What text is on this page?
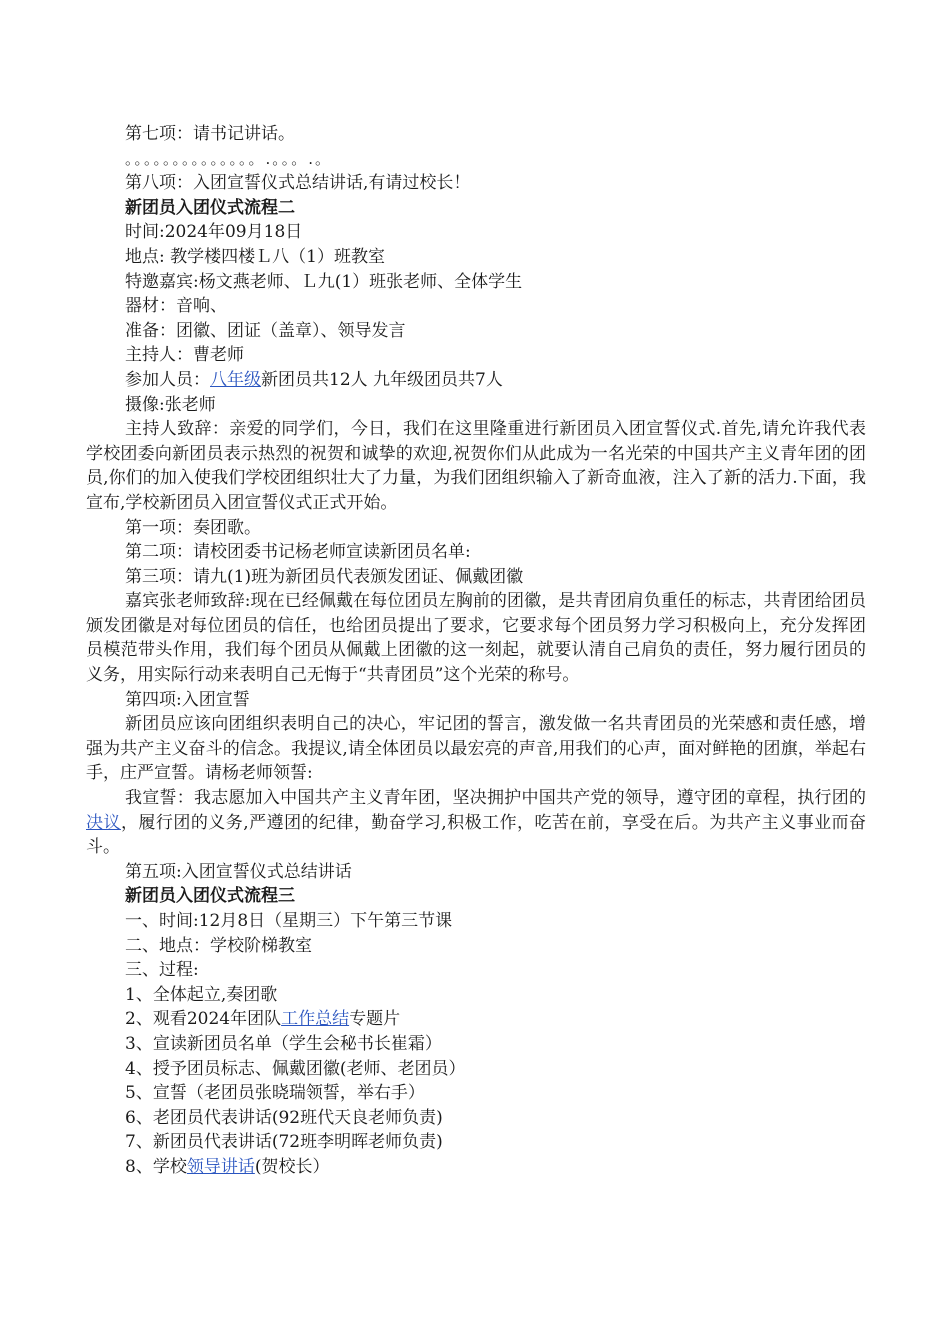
第七项：请书记讲话。
。。。。。。。。。。。。。。.。。。.。
第八项：入团宣誓仪式总结讲话,有请过校长！
新团员入团仪式流程二
时间:2024年09月18日
地点: 教学楼四楼Ｌ八（1）班教室
特邀嘉宾:杨文燕老师、Ｌ九(1）班张老师、全体学生
器材：音响、
准备：团徽、团证（盖章）、领导发言
主持人：曹老师
参加人员：八年级新团员共12人 九年级团员共7人
摄像:张老师
主持人致辞：亲爱的同学们，今日，我们在这里隆重进行新团员入团宣誓仪式.首先,请允许我代表学校团委向新团员表示热烈的祝贺和诚挚的欢迎,祝贺你们从此成为一名光荣的中国共产主义青年团的团员,你们的加入使我们学校团组织壮大了力量，为我们团组织输入了新奇血液，注入了新的活力.下面，我宣布,学校新团员入团宣誓仪式正式开始。
第一项：奏团歌。
第二项：请校团委书记杨老师宣读新团员名单:
第三项：请九(1)班为新团员代表颁发团证、佩戴团徽
嘉宾张老师致辞:现在已经佩戴在每位团员左胸前的团徽，是共青团肩负重任的标志，共青团给团员颁发团徽是对每位团员的信任，也给团员提出了要求，它要求每个团员努力学习积极向上，充分发挥团员模范带头作用，我们每个团员从佩戴上团徽的这一刻起，就要认清自己肩负的责任，努力履行团员的义务，用实际行动来表明自己无悔于“共青团员”这个光荣的称号。
第四项:入团宣誓
新团员应该向团组织表明自己的决心，牢记团的誓言，激发做一名共青团员的光荣感和责任感，增强为共产主义奋斗的信念。我提议,请全体团员以最宏亮的声音,用我们的心声，面对鲜艳的团旗，举起右手，庄严宣誓。请杨老师领誓:
我宣誓：我志愿加入中国共产主义青年团，坚决拥护中国共产党的领导，遵守团的章程，执行团的决议，履行团的义务,严遵团的纪律，勤奋学习,积极工作，吃苦在前，享受在后。为共产主义事业而奋斗。
第五项:入团宣誓仪式总结讲话
新团员入团仪式流程三
一、时间:12月8日（星期三）下午第三节课
二、地点：学校阶梯教室
三、过程:
1、全体起立,奏团歌
2、观看2024年团队工作总结专题片
3、宣读新团员名单（学生会秘书长崔霜）
4、授予团员标志、佩戴团徽(老师、老团员）
5、宣誓（老团员张晓瑞领誓，举右手）
6、老团员代表讲话(92班代天良老师负责)
7、新团员代表讲话(72班李明晖老师负责)
8、学校领导讲话(贺校长）
